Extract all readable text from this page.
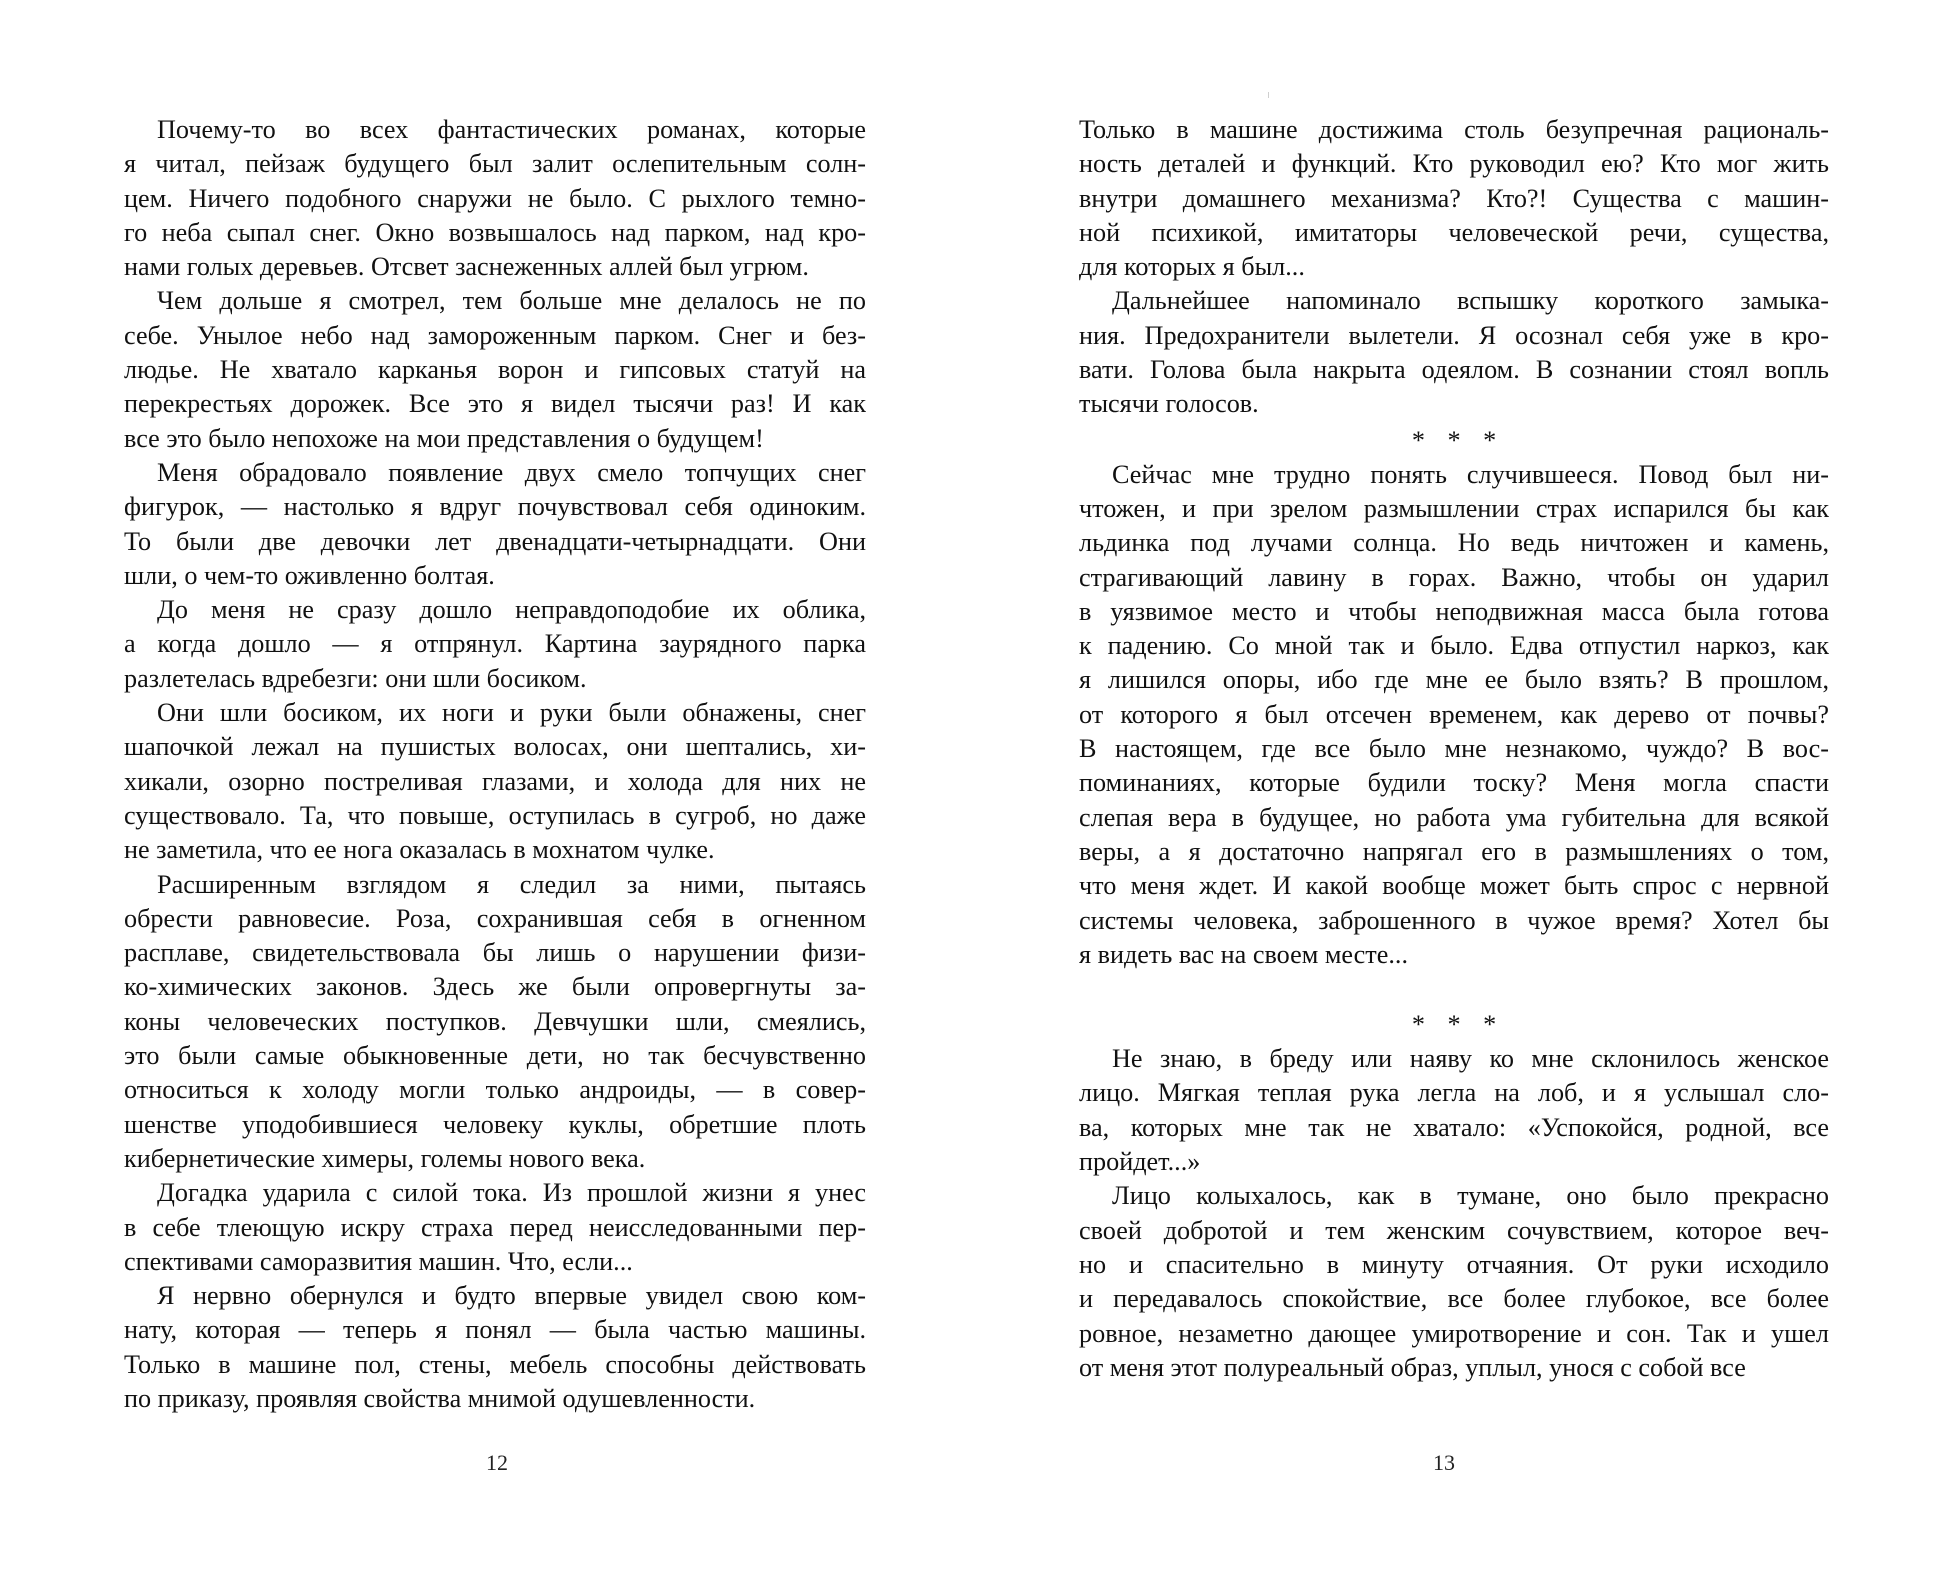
Почему-то во всех фантастических романах, которые
я читал, пейзаж будущего был залит ослепительным солн-
цем. Ничего подобного снаружи не было. С рыхлого темно-
го неба сыпал снег. Окно возвышалось над парком, над кро-
нами голых деревьев. Отсвет заснеженных аллей был угрюм.
Чем дольше я смотрел, тем больше мне делалось не по
себе. Унылое небо над замороженным парком. Снег и без-
людье. Не хватало карканья ворон и гипсовых статуй на
перекрестьях дорожек. Все это я видел тысячи раз! И как
все это было непохоже на мои представления о будущем!
Меня обрадовало появление двух смело топчущих снег
фигурок, — настолько я вдруг почувствовал себя одиноким.
То были две девочки лет двенадцати-четырнадцати. Они
шли, о чем-то оживленно болтая.
До меня не сразу дошло неправдоподобие их облика,
а когда дошло — я отпрянул. Картина заурядного парка
разлетелась вдребезги: они шли босиком.
Они шли босиком, их ноги и руки были обнажены, снег
шапочкой лежал на пушистых волосах, они шептались, хи-
хикали, озорно постреливая глазами, и холода для них не
существовало. Та, что повыше, оступилась в сугроб, но даже
не заметила, что ее нога оказалась в мохнатом чулке.
Расширенным взглядом я следил за ними, пытаясь
обрести равновесие. Роза, сохранившая себя в огненном
расплаве, свидетельствовала бы лишь о нарушении физи-
ко-химических законов. Здесь же были опровергнуты за-
коны человеческих поступков. Девчушки шли, смеялись,
это были самые обыкновенные дети, но так бесчувственно
относиться к холоду могли только андроиды, — в совер-
шенстве уподобившиеся человеку куклы, обретшие плоть
кибернетические химеры, големы нового века.
Догадка ударила с силой тока. Из прошлой жизни я унес
в себе тлеющую искру страха перед неисследованными пер-
спективами саморазвития машин. Что, если...
Я нервно обернулся и будто впервые увидел свою ком-
нату, которая — теперь я понял — была частью машины.
Только в машине пол, стены, мебель способны действовать
по приказу, проявляя свойства мнимой одушевленности.
12
Только в машине достижима столь безупречная рациональ-
ность деталей и функций. Кто руководил ею? Кто мог жить
внутри домашнего механизма? Кто?! Существа с машин-
ной психикой, имитаторы человеческой речи, существа,
для которых я был...
Дальнейшее напоминало вспышку короткого замыка-
ния. Предохранители вылетели. Я осознал себя уже в кро-
вати. Голова была накрыта одеялом. В сознании стоял вопль
тысячи голосов.
* * *
Сейчас мне трудно понять случившееся. Повод был ни-
чтожен, и при зрелом размышлении страх испарился бы как
льдинка под лучами солнца. Но ведь ничтожен и камень,
страгивающий лавину в горах. Важно, чтобы он ударил
в уязвимое место и чтобы неподвижная масса была готова
к падению. Со мной так и было. Едва отпустил наркоз, как
я лишился опоры, ибо где мне ее было взять? В прошлом,
от которого я был отсечен временем, как дерево от почвы?
В настоящем, где все было мне незнакомо, чуждо? В вос-
поминаниях, которые будили тоску? Меня могла спасти
слепая вера в будущее, но работа ума губительна для всякой
веры, а я достаточно напрягал его в размышлениях о том,
что меня ждет. И какой вообще может быть спрос с нервной
системы человека, заброшенного в чужое время? Хотел бы
я видеть вас на своем месте...
* * *
Не знаю, в бреду или наяву ко мне склонилось женское
лицо. Мягкая теплая рука легла на лоб, и я услышал сло-
ва, которых мне так не хватало: «Успокойся, родной, все
пройдет...»
Лицо колыхалось, как в тумане, оно было прекрасно
своей добротой и тем женским сочувствием, которое веч-
но и спасительно в минуту отчаяния. От руки исходило
и передавалось спокойствие, все более глубокое, все более
ровное, незаметно дающее умиротворение и сон. Так и ушел
от меня этот полуреальный образ, уплыл, унося с собой все
13
